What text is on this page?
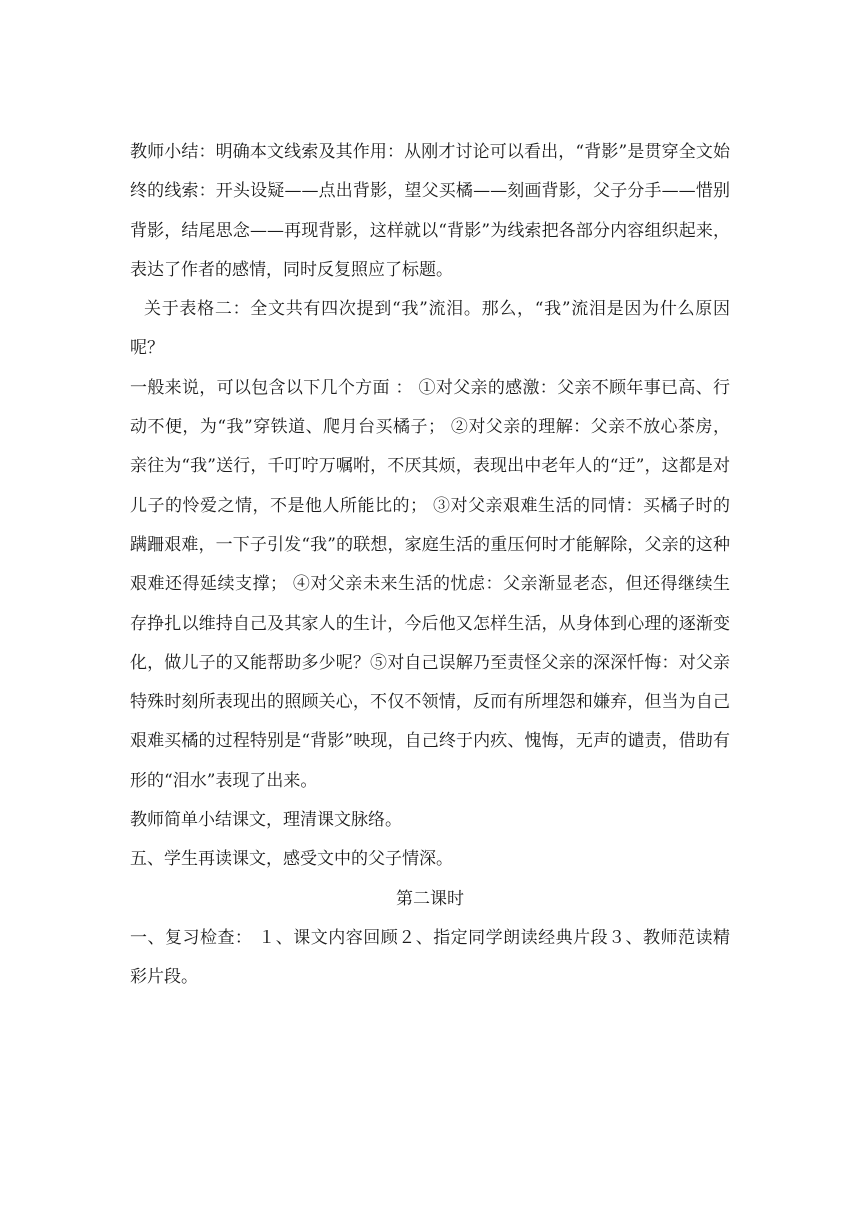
教师小结：明确本文线索及其作用：从刚才讨论可以看出，“背影”是贯穿全文始终的线索：开头设疑——点出背影，望父买橘——刻画背影，父子分手——惜别背影，结尾思念——再现背影，这样就以“背影”为线索把各部分内容组织起来，表达了作者的感情，同时反复照应了标题。

关于表格二：全文共有四次提到“我”流泪。那么，“我”流泪是因为什么原因呢？

一般来说，可以包含以下几个方面 ： ①对父亲的感激：父亲不顾年事已高、行动不便，为“我”穿铁道、爬月台买橘子； ②对父亲的理解：父亲不放心茶房，亲往为“我”送行，千叮咛万嘱咐，不厌其烦，表现出中老年人的“迂”，这都是对儿子的怜爱之情，不是他人所能比的； ③对父亲艰难生活的同情：买橘子时的蹒跚艰难，一下子引发“我”的联想，家庭生活的重压何时才能解除，父亲的这种艰难还得延续支撑； ④对父亲未来生活的忧虑：父亲渐显老态，但还得继续生存挣扎以维持自己及其家人的生计，今后他又怎样生活，从身体到心理的逐渐变化，做儿子的又能帮助多少呢？⑤对自己误解乃至责怪父亲的深深忏悔：对父亲特殊时刻所表现出的照顾关心，不仅不领情，反而有所埋怨和嫌弃，但当为自己艰难买橘的过程特别是“背影”映现，自己终于内疚、愧悔，无声的谴责，借助有形的“泪水”表现了出来。

教师简单小结课文，理清课文脉络。

五、学生再读课文，感受文中的父子情深。

第二课时

一、复习检查： １、课文内容回顾２、指定同学朗读经典片段３、教师范读精彩片段。
